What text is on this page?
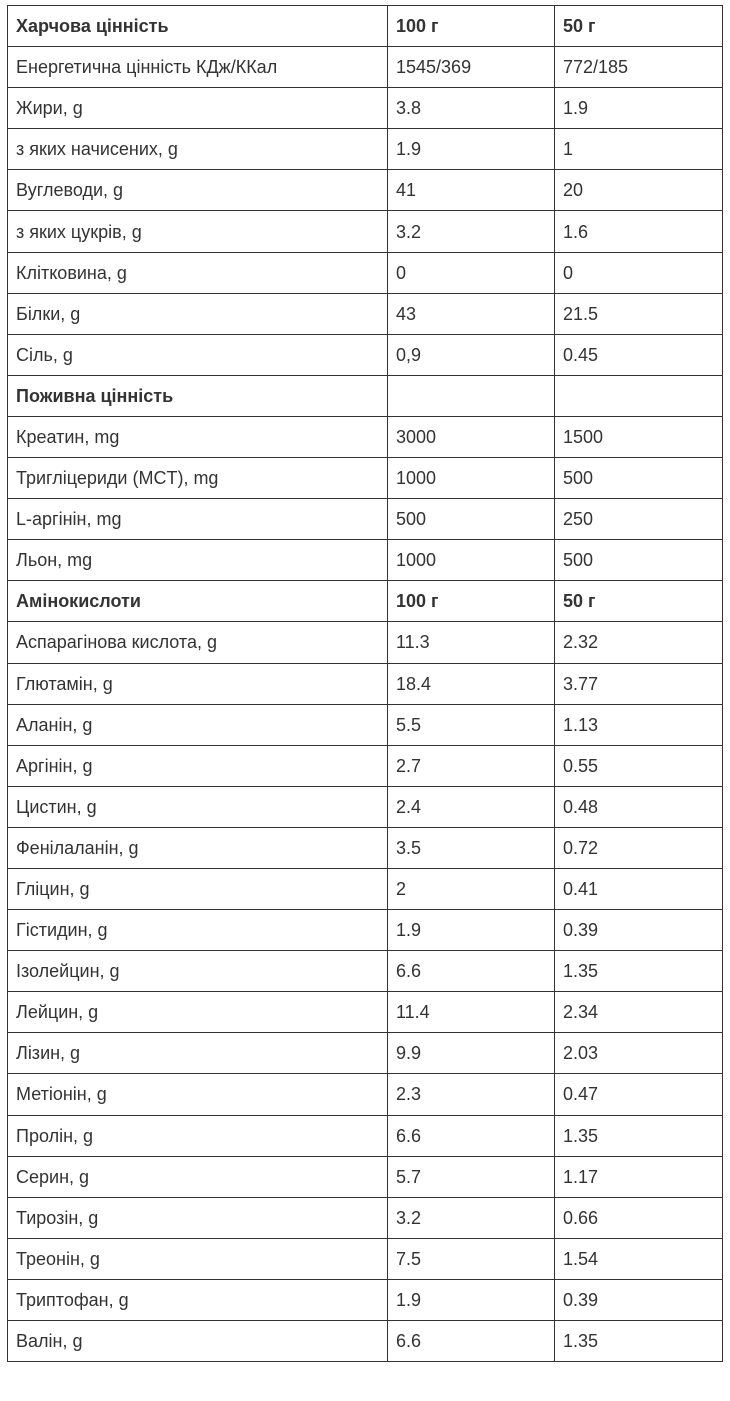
Харчова цінність	100 г	50 г
Енергетична цінність КДж/ККал	1545/369	772/185
Жири, g	3.8	1.9
з яких начисених, g	1.9	1
Вуглеводи, g	41	20
з яких цукрів, g	3.2	1.6
Клітковина, g	0	0
Білки, g	43	21.5
Сіль, g	0,9	0.45
Поживна цінність		
Креатин, mg	3000	1500
Тригліцериди (MCT), mg	1000	500
L-аргінін, mg	500	250
Льон, mg	1000	500
Амінокислоти	100 г	50 г
Аспарагінова кислота, g	11.3	2.32
Глютамін, g	18.4	3.77
Аланін, g	5.5	1.13
Аргінін, g	2.7	0.55
Цистин, g	2.4	0.48
Фенілаланін, g	3.5	0.72
Гліцин, g	2	0.41
Гістидин, g	1.9	0.39
Ізолейцин, g	6.6	1.35
Лейцин, g	11.4	2.34
Лізин, g	9.9	2.03
Метіонін, g	2.3	0.47
Пролін, g	6.6	1.35
Серин, g	5.7	1.17
Тирозін, g	3.2	0.66
Треонін, g	7.5	1.54
Триптофан, g	1.9	0.39
Валін, g	6.6	1.35
